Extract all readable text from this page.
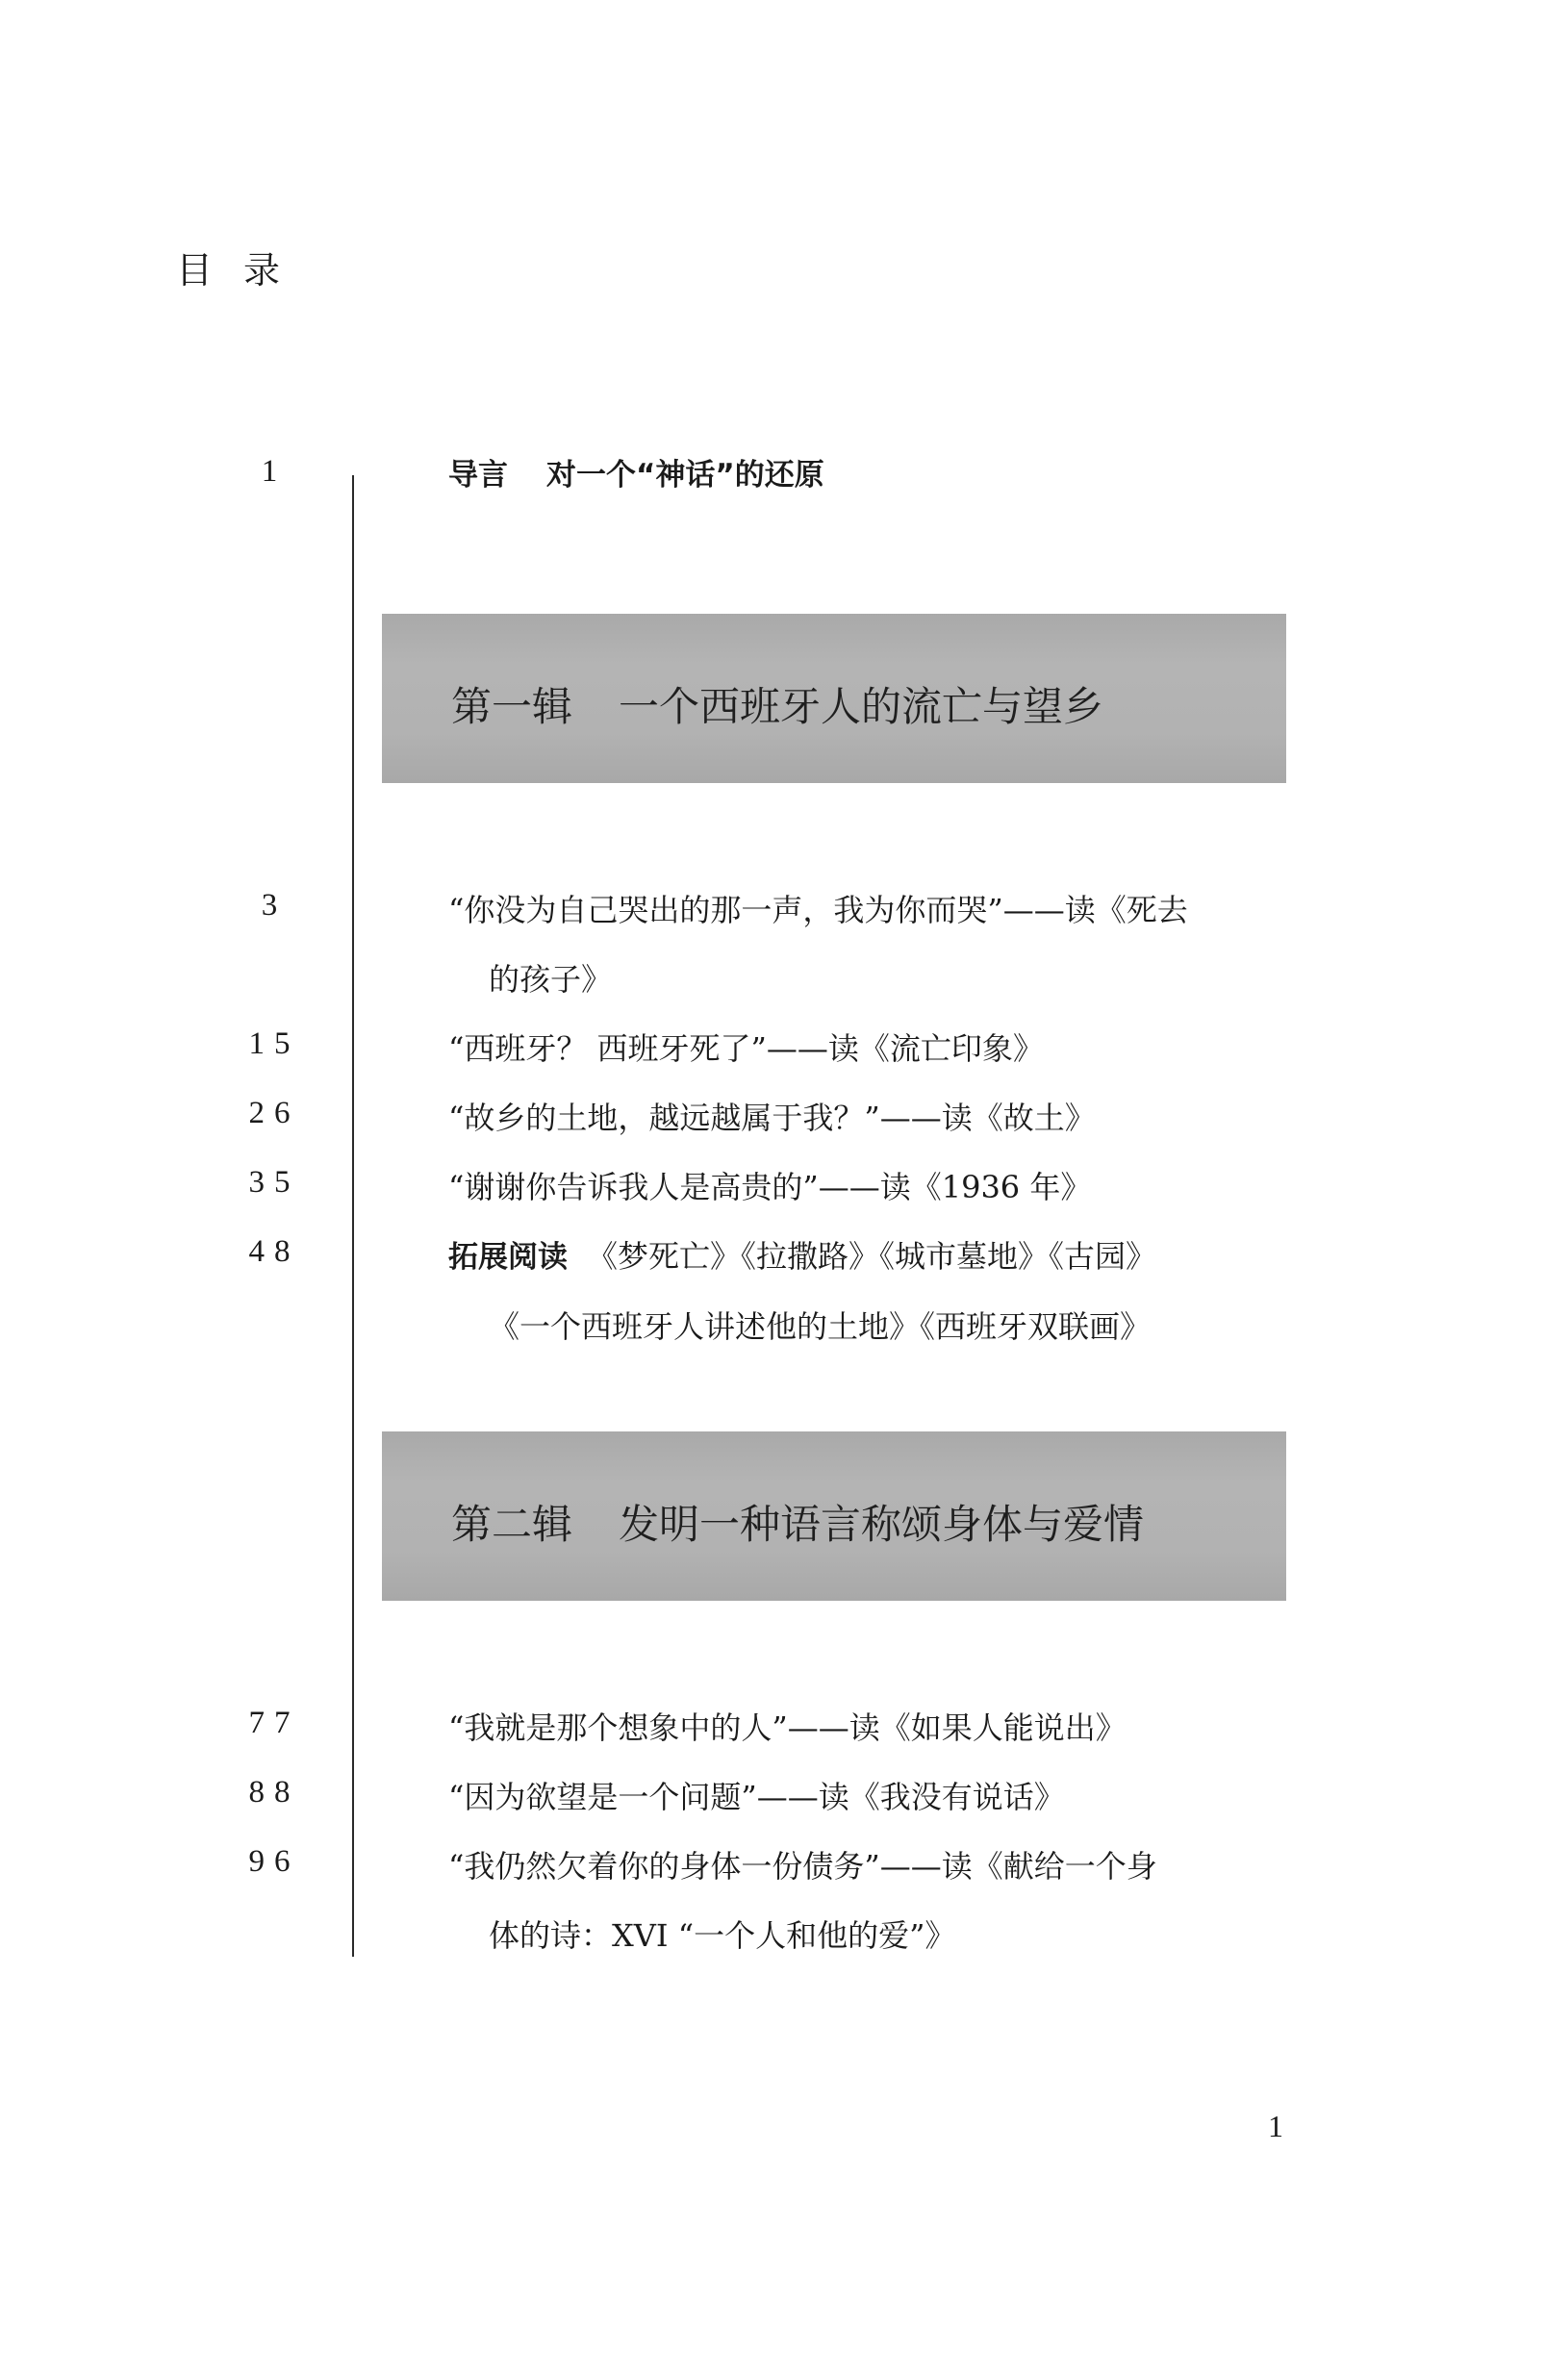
目录
1	导言 对一个“神话”的还原
第一辑 一个西班牙人的流亡与望乡
3	“你没为自己哭出的那一声，我为你而哭”——读《死去
的孩子》
15	“西班牙？ 西班牙死了”——读《流亡印象》
26	“故乡的土地，越远越属于我？”——读《故土》
35	“谢谢你告诉我人是高贵的”——读《1936 年》
48	拓展阅读 《梦死亡》《拉撒路》《城市墓地》《古园》
《一个西班牙人讲述他的土地》《西班牙双联画》
第二辑 发明一种语言称颂身体与爱情
77	“我就是那个想象中的人”——读《如果人能说出》
88	“因为欲望是一个问题”——读《我没有说话》
96	“我仍然欠着你的身体一份债务”——读《献给一个身
体的诗：XVI “一个人和他的爱”》
1
